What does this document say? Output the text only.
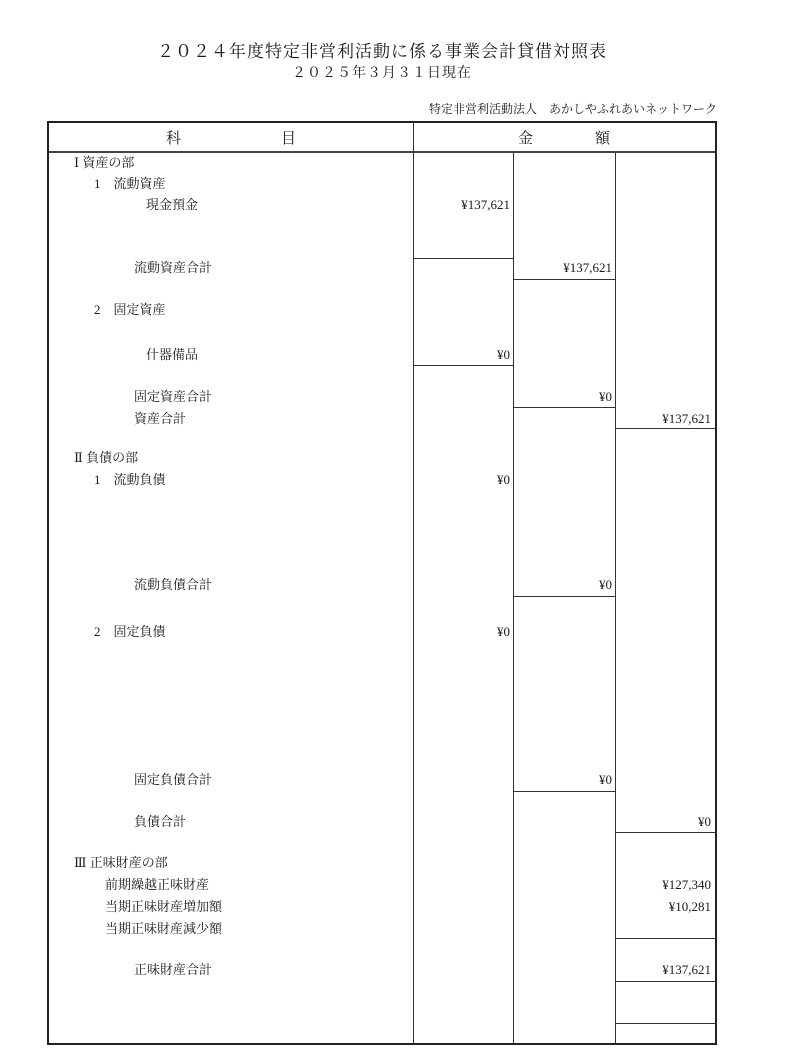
２０２４年度特定非営利活動に係る事業会計貸借対照表
２０２５年３月３１日現在
特定非営利活動法人　あかしやふれあいネットワーク
科	目	金	額
Ⅰ 資産の部
1　流動資産
現金預金	¥137,621
流動資産合計	¥137,621
2　固定資産
什器備品	¥0
固定資産合計	¥0
資産合計	¥137,621
Ⅱ 負債の部
1　流動負債	¥0
流動負債合計	¥0
2　固定負債	¥0
固定負債合計	¥0
負債合計	¥0
Ⅲ 正味財産の部
前期繰越正味財産	¥127,340
当期正味財産増加額	¥10,281
当期正味財産減少額
正味財産合計	¥137,621
